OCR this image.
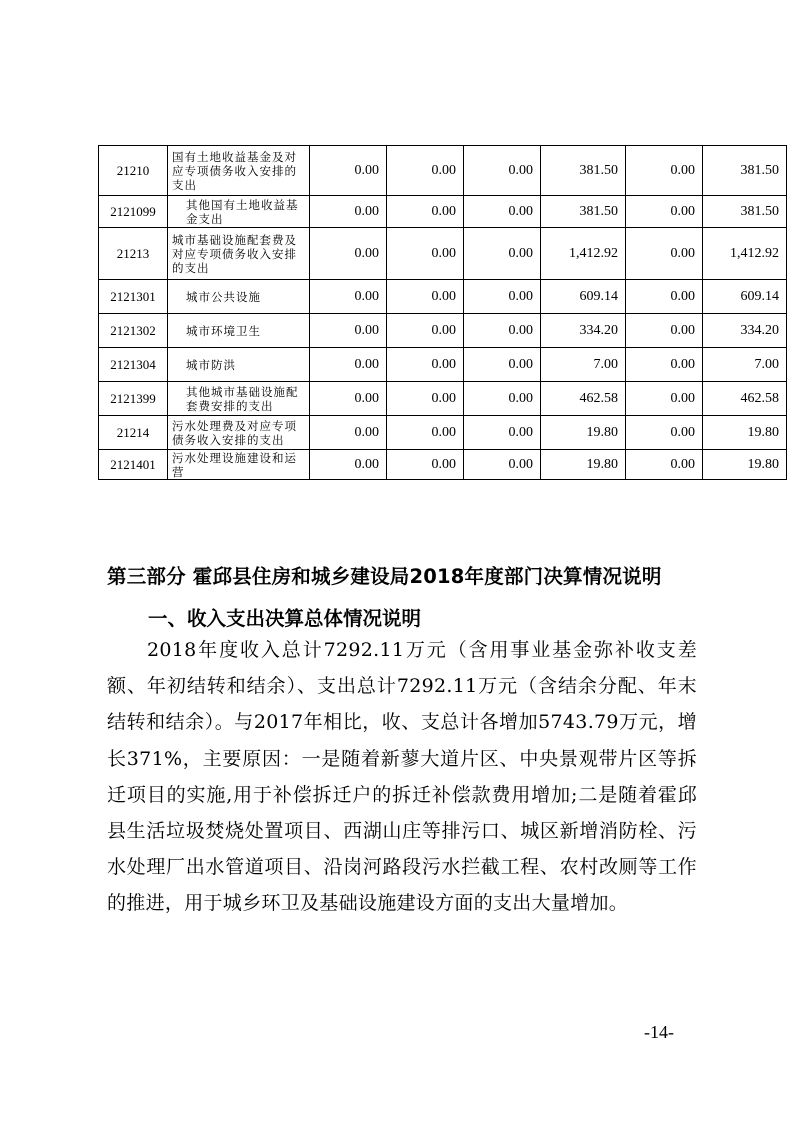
21210	国有土地收益基金及对应专项债务收入安排的支出	0.00	0.00	0.00	381.50	0.00	381.50
2121099	其他国有土地收益基金支出	0.00	0.00	0.00	381.50	0.00	381.50
21213	城市基础设施配套费及对应专项债务收入安排的支出	0.00	0.00	0.00	1,412.92	0.00	1,412.92
2121301	城市公共设施	0.00	0.00	0.00	609.14	0.00	609.14
2121302	城市环境卫生	0.00	0.00	0.00	334.20	0.00	334.20
2121304	城市防洪	0.00	0.00	0.00	7.00	0.00	7.00
2121399	其他城市基础设施配套费安排的支出	0.00	0.00	0.00	462.58	0.00	462.58
21214	污水处理费及对应专项债务收入安排的支出	0.00	0.00	0.00	19.80	0.00	19.80
2121401	污水处理设施建设和运营	0.00	0.00	0.00	19.80	0.00	19.80
第三部分 霍邱县住房和城乡建设局2018年度部门决算情况说明
一、收入支出决算总体情况说明

2018年度收入总计7292.11万元（含用事业基金弥补收支差额、年初结转和结余）、支出总计7292.11万元（含结余分配、年末结转和结余）。与2017年相比，收、支总计各增加5743.79万元，增长371%，主要原因：一是随着新蓼大道片区、中央景观带片区等拆迁项目的实施,用于补偿拆迁户的拆迁补偿款费用增加;二是随着霍邱县生活垃圾焚烧处置项目、西湖山庄等排污口、城区新增消防栓、污水处理厂出水管道项目、沿岗河路段污水拦截工程、农村改厕等工作的推进，用于城乡环卫及基础设施建设方面的支出大量增加。

-14-
